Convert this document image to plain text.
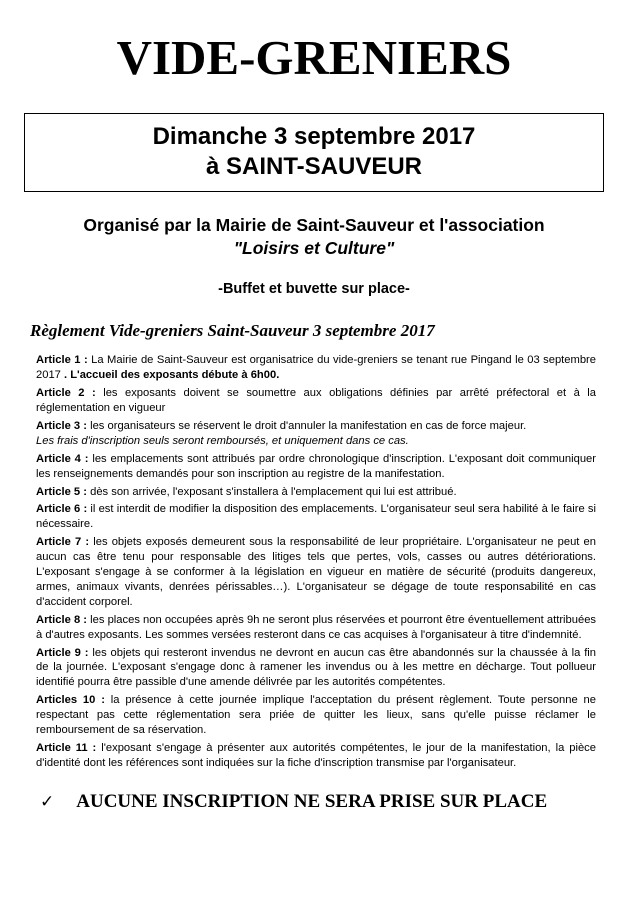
VIDE-GRENIERS
Dimanche 3 septembre 2017
à SAINT-SAUVEUR
Organisé par la Mairie de Saint-Sauveur et l'association
"Loisirs et Culture"
-Buffet et buvette sur place-
Règlement Vide-greniers Saint-Sauveur 3 septembre 2017

Article 1 : La Mairie de Saint-Sauveur est organisatrice du vide-greniers se tenant rue Pingand le 03 septembre 2017 . L'accueil des exposants débute à 6h00.

Article 2 : les exposants doivent se soumettre aux obligations définies par arrêté préfectoral et à la réglementation en vigueur

Article 3 : les organisateurs se réservent le droit d'annuler la manifestation en cas de force majeur.
Les frais d'inscription seuls seront remboursés, et uniquement dans ce cas.

Article 4 : les emplacements sont attribués par ordre chronologique d'inscription. L'exposant doit communiquer les renseignements demandés pour son inscription au registre de la manifestation.

Article 5 : dès son arrivée, l'exposant s'installera à l'emplacement qui lui est attribué.

Article 6 : il est interdit de modifier la disposition des emplacements. L'organisateur seul sera habilité à le faire si nécessaire.

Article 7 : les objets exposés demeurent sous la responsabilité de leur propriétaire. L'organisateur ne peut en aucun cas être tenu pour responsable des litiges tels que pertes, vols, casses ou autres détériorations. L'exposant s'engage à se conformer à la législation en vigueur en matière de sécurité (produits dangereux, armes, animaux vivants, denrées périssables…). L'organisateur se dégage de toute responsabilité en cas d'accident corporel.

Article 8 : les places non occupées après 9h ne seront plus réservées et pourront être éventuellement attribuées à d'autres exposants. Les sommes versées resteront dans ce cas acquises à l'organisateur à titre d'indemnité.

Article 9 : les objets qui resteront invendus ne devront en aucun cas être abandonnés sur la chaussée à la fin de la journée. L'exposant s'engage donc à ramener les invendus ou à les mettre en décharge. Tout pollueur identifié pourra être passible d'une amende délivrée par les autorités compétentes.

Articles 10 : la présence à cette journée implique l'acceptation du présent règlement. Toute personne ne respectant pas cette réglementation sera priée de quitter les lieux, sans qu'elle puisse réclamer le remboursement de sa réservation.

Article 11 : l'exposant s'engage à présenter aux autorités compétentes, le jour de la manifestation, la pièce d'identité dont les références sont indiquées sur la fiche d'inscription transmise par l'organisateur.

✓ AUCUNE INSCRIPTION NE SERA PRISE SUR PLACE
